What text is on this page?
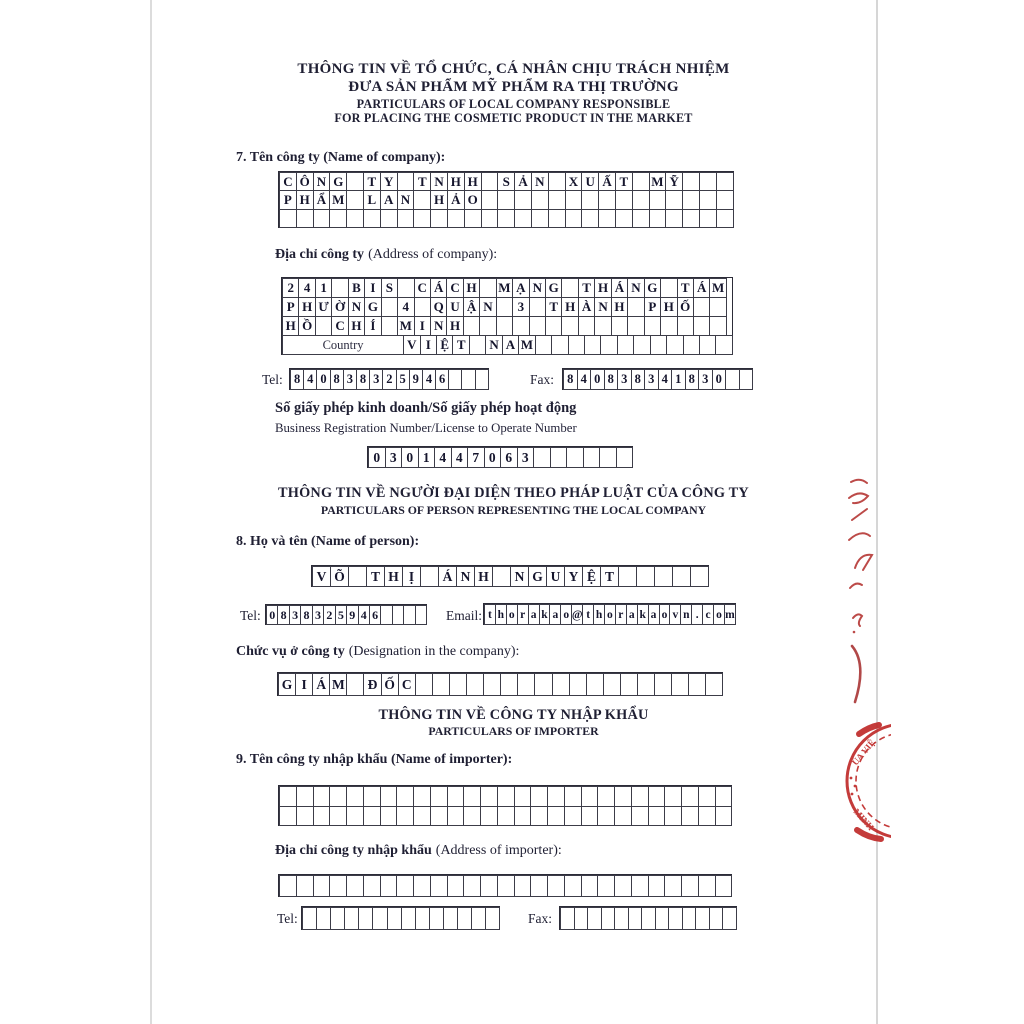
THÔNG TIN VỀ TỔ CHỨC, CÁ NHÂN CHỊU TRÁCH NHIỆM
ĐƯA SẢN PHẨM MỸ PHẨM RA THỊ TRƯỜNG
PARTICULARS OF LOCAL COMPANY RESPONSIBLE
FOR PLACING THE COSMETIC PRODUCT IN THE MARKET
7. Tên công ty (Name of company):
C Ô N G	T Y	T N H H	S Ả N	X U Ấ T	M Ỹ
P H Ẩ M	L A N	H Ả O
Địa chỉ công ty (Address of company):
2 4 1	B I S	C Á C H M Ạ N G	T H Á N G	T Á M
P H Ư Ờ N G	4	Q U Ậ N	3	T H À N H	P H Ố
H Ồ	C H Í	M I N H
Country	V I Ệ T	N A M
Tel: 8 4 0 8 3 8 3 2 5 9 4 6	Fax:	8 4 0 8 3 8 3 4 1 8 3 0
Số giấy phép kinh doanh/Số giấy phép hoạt động
Business Registration Number/License to Operate Number
0 3 0 1 4 4 7 0 6 3
THÔNG TIN VỀ NGƯỜI ĐẠI DIỆN THEO PHÁP LUẬT CỦA CÔNG TY
PARTICULARS OF PERSON REPRESENTING THE LOCAL COMPANY
8. Họ và tên (Name of person):
V Õ	T H Ị	Á N H	N G U Y Ệ T
Tel: 0 8 3 8 3 2 5 9 4 6	Email: t h o r a k a o @ t h o r a k a o v n . c o m
Chức vụ ở công ty (Designation in the company):
G I Á M	Đ Ố C
THÔNG TIN VỀ CÔNG TY NHẬP KHẨU
PARTICULARS OF IMPORTER
9. Tên công ty nhập khẩu (Name of importer):
Địa chỉ công ty nhập khẩu (Address of importer):
Tel:	Fax:
ỦA VIỆ
MINH
